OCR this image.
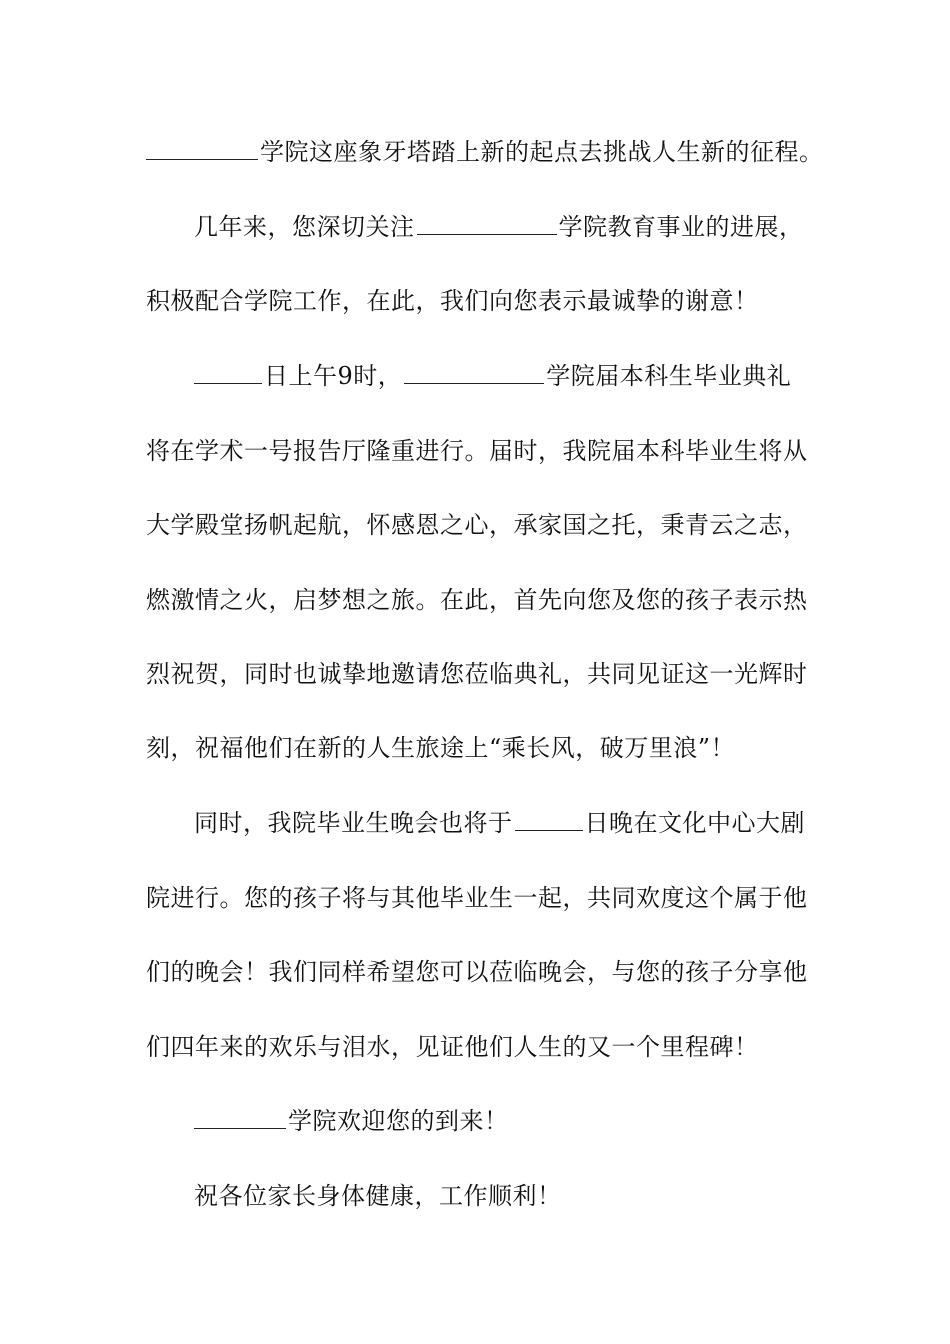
学院这座象牙塔踏上新的起点去挑战人生新的征程。
几年来，您深切关注	学院教育事业的进展，
积极配合学院工作，在此，我们向您表示最诚挚的谢意！
日上午9时，	学院届本科生毕业典礼
将在学术一号报告厅隆重进行。届时，我院届本科毕业生将从
大学殿堂扬帆起航，怀感恩之心，承家国之托，秉青云之志，
燃激情之火，启梦想之旅。在此，首先向您及您的孩子表示热
烈祝贺，同时也诚挚地邀请您莅临典礼，共同见证这一光辉时
刻，祝福他们在新的人生旅途上“乘长风，破万里浪”！
同时，我院毕业生晚会也将于	日晚在文化中心大剧
院进行。您的孩子将与其他毕业生一起，共同欢度这个属于他
们的晚会！我们同样希望您可以莅临晚会，与您的孩子分享他
们四年来的欢乐与泪水，见证他们人生的又一个里程碑！
学院欢迎您的到来！
祝各位家长身体健康，工作顺利！
